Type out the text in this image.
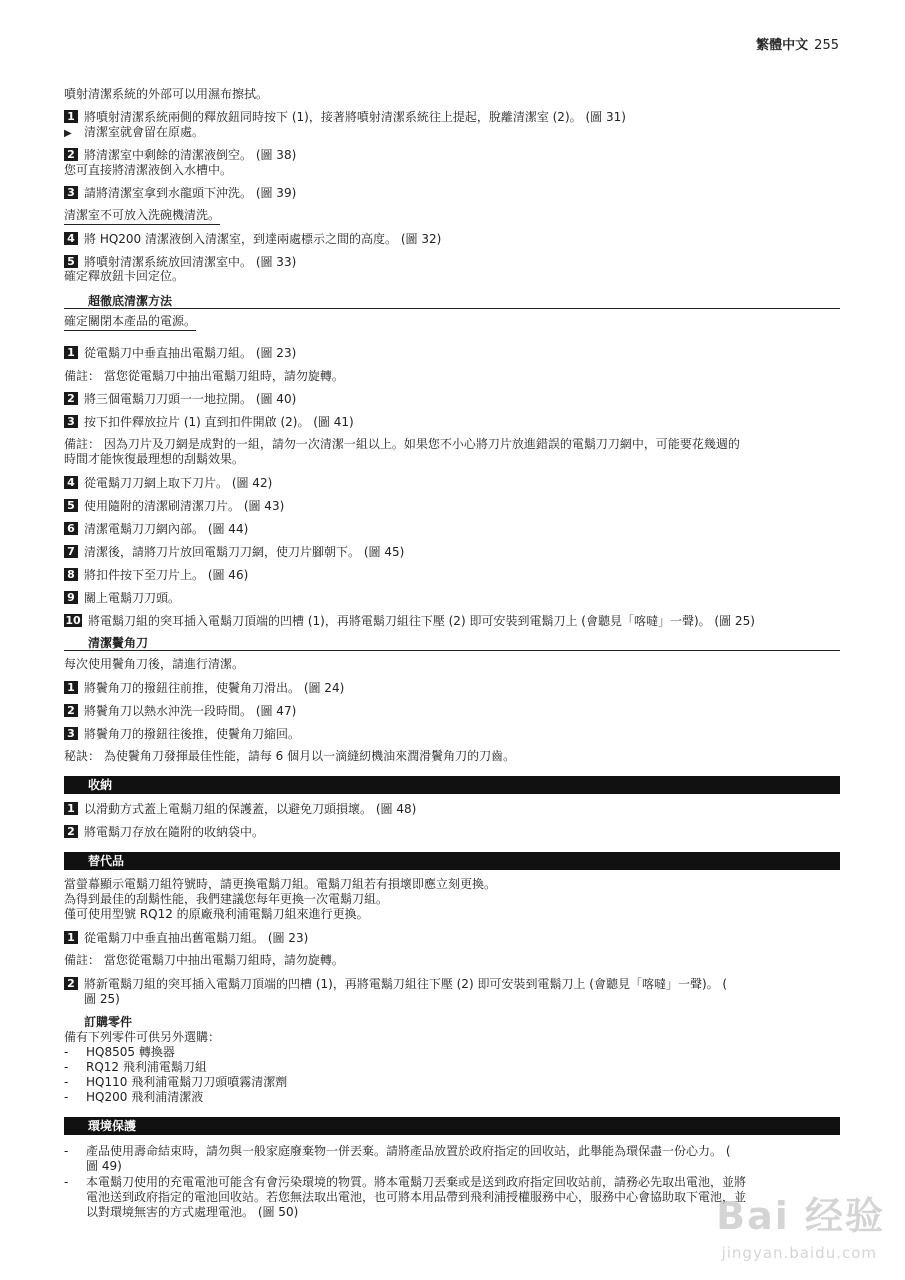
繁體中文 255
噴射清潔系統的外部可以用濕布擦拭。
1 將噴射清潔系統兩側的釋放鈕同時按下 (1)，接著將噴射清潔系統往上提起，脫離清潔室 (2)。 (圖 31)
▶ 清潔室就會留在原處。
2 將清潔室中剩餘的清潔液倒空。 (圖 38)
您可直接將清潔液倒入水槽中。
3 請將清潔室拿到水龍頭下沖洗。 (圖 39)
清潔室不可放入洗碗機清洗。
4 將 HQ200 清潔液倒入清潔室，到達兩處標示之間的高度。 (圖 32)
5 將噴射清潔系統放回清潔室中。 (圖 33)
確定釋放鈕卡回定位。
超徹底清潔方法
確定關閉本產品的電源。
1 從電鬍刀中垂直抽出電鬍刀組。 (圖 23)
備註： 當您從電鬍刀中抽出電鬍刀組時，請勿旋轉。
2 將三個電鬍刀刀頭一一地拉開。 (圖 40)
3 按下扣件釋放拉片 (1) 直到扣件開啟 (2)。 (圖 41)
備註： 因為刀片及刀網是成對的一組，請勿一次清潔一組以上。如果您不小心將刀片放進錯誤的電鬍刀刀網中，可能要花幾週的
時間才能恢復最理想的刮鬍效果。
4 從電鬍刀刀網上取下刀片。 (圖 42)
5 使用隨附的清潔刷清潔刀片。 (圖 43)
6 清潔電鬍刀刀網內部。 (圖 44)
7 清潔後，請將刀片放回電鬍刀刀網，使刀片腳朝下。 (圖 45)
8 將扣件按下至刀片上。 (圖 46)
9 關上電鬍刀刀頭。
10 將電鬍刀組的突耳插入電鬍刀頂端的凹槽 (1)，再將電鬍刀組往下壓 (2) 即可安裝到電鬍刀上 (會聽見「喀噠」一聲)。 (圖 25)
清潔鬢角刀
每次使用鬢角刀後，請進行清潔。
1 將鬢角刀的撥鈕往前推，使鬢角刀滑出。 (圖 24)
2 將鬢角刀以熱水沖洗一段時間。 (圖 47)
3 將鬢角刀的撥鈕往後推，使鬢角刀縮回。
秘訣： 為使鬢角刀發揮最佳性能，請每 6 個月以一滴縫紉機油來潤滑鬢角刀的刀齒。
收納
1 以滑動方式蓋上電鬍刀組的保護蓋，以避免刀頭損壞。 (圖 48)
2 將電鬍刀存放在隨附的收納袋中。
替代品
當螢幕顯示電鬍刀組符號時，請更換電鬍刀組。電鬍刀組若有損壞即應立刻更換。
為得到最佳的刮鬍性能，我們建議您每年更換一次電鬍刀組。
僅可使用型號 RQ12 的原廠飛利浦電鬍刀組來進行更換。
1 從電鬍刀中垂直抽出舊電鬍刀組。 (圖 23)
備註： 當您從電鬍刀中抽出電鬍刀組時，請勿旋轉。
2 將新電鬍刀組的突耳插入電鬍刀頂端的凹槽 (1)，再將電鬍刀組往下壓 (2) 即可安裝到電鬍刀上 (會聽見「喀噠」一聲)。 (
圖 25)
訂購零件
備有下列零件可供另外選購：
- HQ8505 轉換器
- RQ12 飛利浦電鬍刀組
- HQ110 飛利浦電鬍刀刀頭噴霧清潔劑
- HQ200 飛利浦清潔液
環境保護
- 產品使用壽命結束時，請勿與一般家庭廢棄物一併丟棄。請將產品放置於政府指定的回收站，此舉能為環保盡一份心力。 (
圖 49)
- 本電鬍刀使用的充電電池可能含有會污染環境的物質。將本電鬍刀丟棄或是送到政府指定回收站前，請務必先取出電池，並將
電池送到政府指定的電池回收站。若您無法取出電池，也可將本用品帶到飛利浦授權服務中心，服務中心會協助取下電池，並
以對環境無害的方式處理電池。 (圖 50)	Bai 经验
jingyan.baidu.com
